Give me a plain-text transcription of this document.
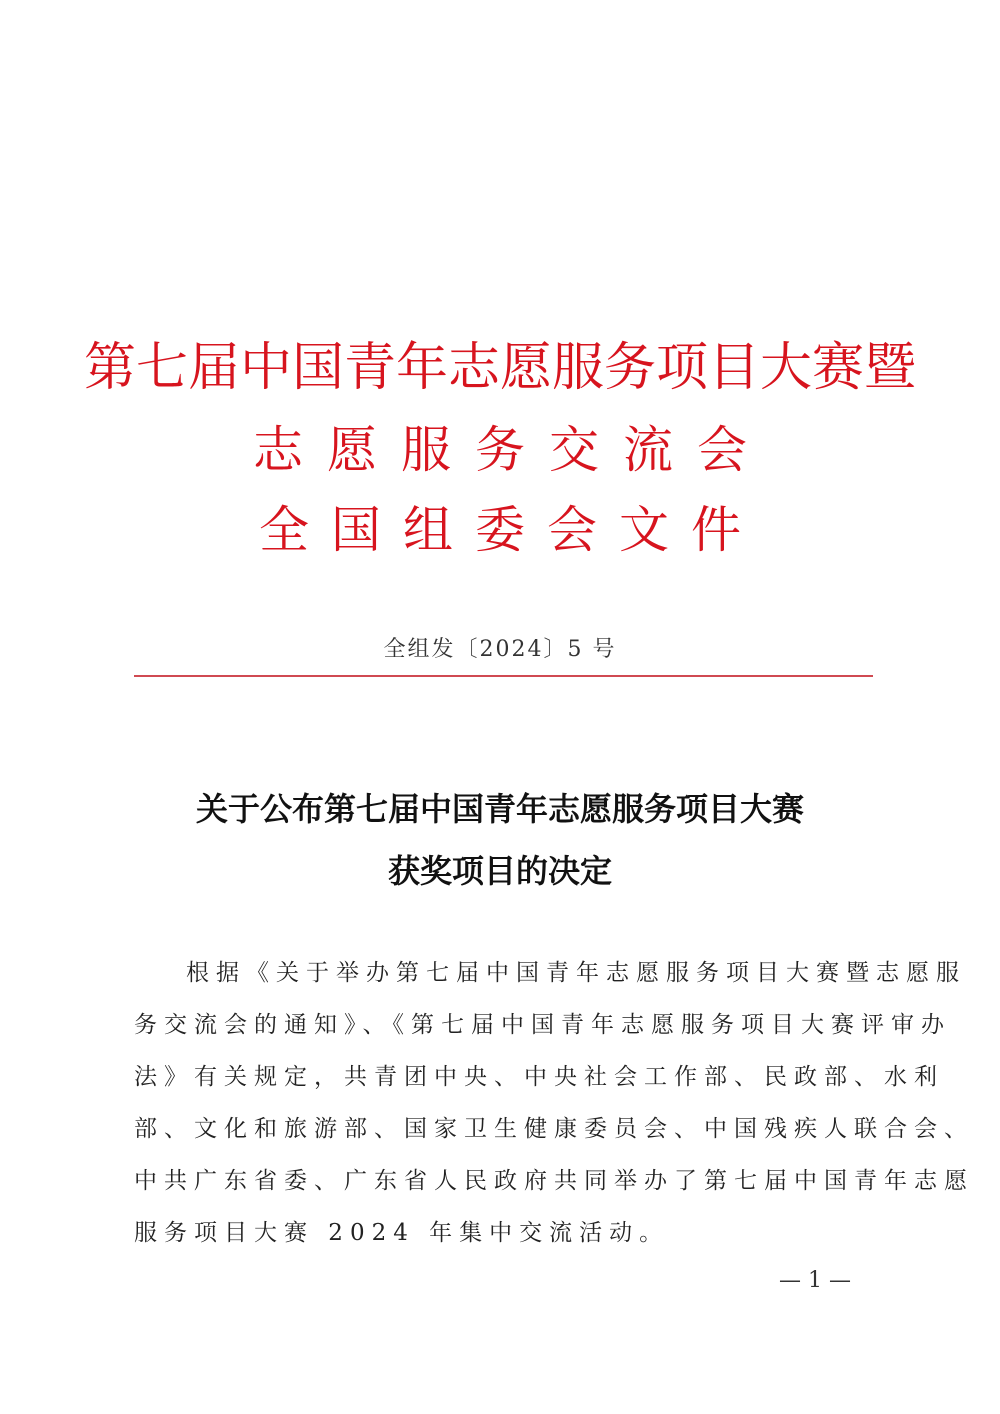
第七届中国青年志愿服务项目大赛暨
志愿服务交流会
全国组委会文件
全组发〔2024〕5 号
关于公布第七届中国青年志愿服务项目大赛
获奖项目的决定
根据《关于举办第七届中国青年志愿服务项目大赛暨志愿服
务交流会的通知》、《第七届中国青年志愿服务项目大赛评审办
法》有关规定，共青团中央、中央社会工作部、民政部、水利
部、文化和旅游部、国家卫生健康委员会、中国残疾人联合会、
中共广东省委、广东省人民政府共同举办了第七届中国青年志愿
服务项目大赛 2024 年集中交流活动。
— 1 —
